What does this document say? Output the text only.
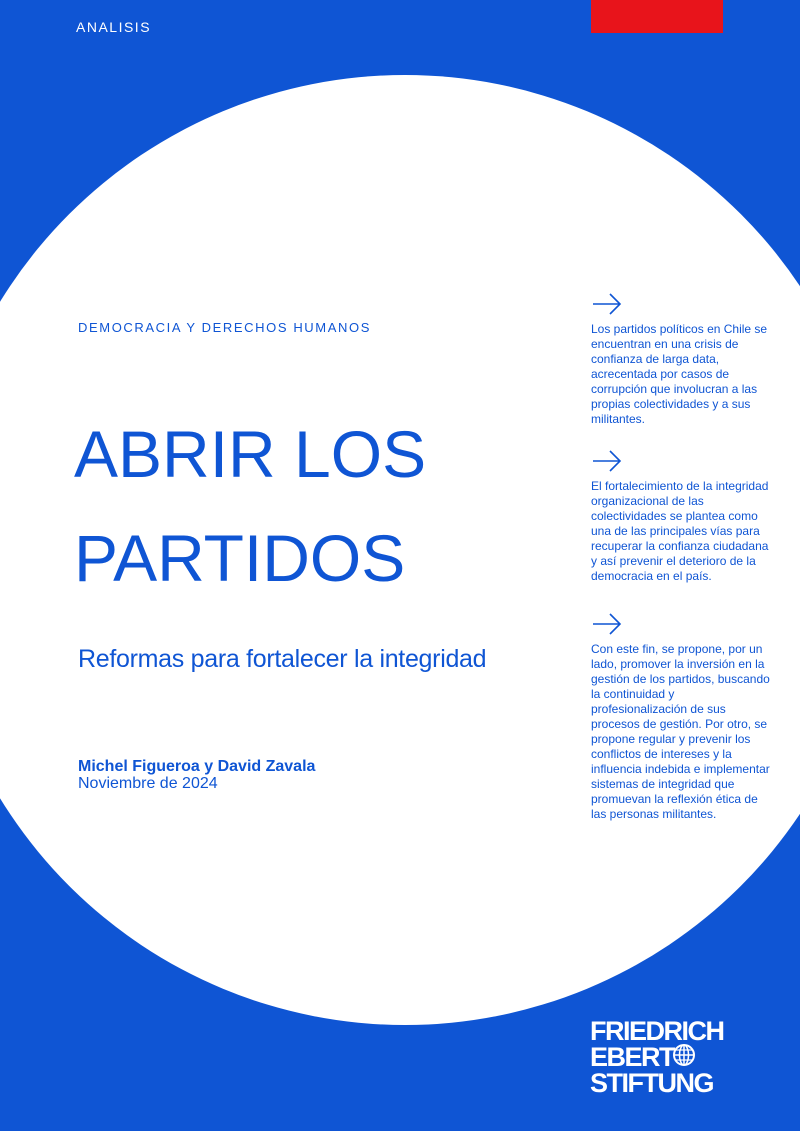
ANALISIS
DEMOCRACIA Y DERECHOS HUMANOS
ABRIR LOS
PARTIDOS
Reformas para fortalecer la integridad
Michel Figueroa y David Zavala
Noviembre de 2024

Los partidos políticos en Chile se encuentran en una crisis de confianza de larga data, acrecentada por casos de corrupción que involucran a las propias colectividades y a sus militantes.

El fortalecimiento de la integridad organizacional de las colectividades se plantea como una de las principales vías para recuperar la confianza ciudadana y así prevenir el deterioro de la democracia en el país.

Con este fin, se propone, por un lado, promover la inversión en la gestión de los partidos, buscando la continuidad y profesionalización de sus procesos de gestión. Por otro, se propone regular y prevenir los conflictos de intereses y la influencia indebida e implementar sistemas de integridad que promuevan la reflexión ética de las personas militantes.

FRIEDRICH
EBERT
STIFTUNG
